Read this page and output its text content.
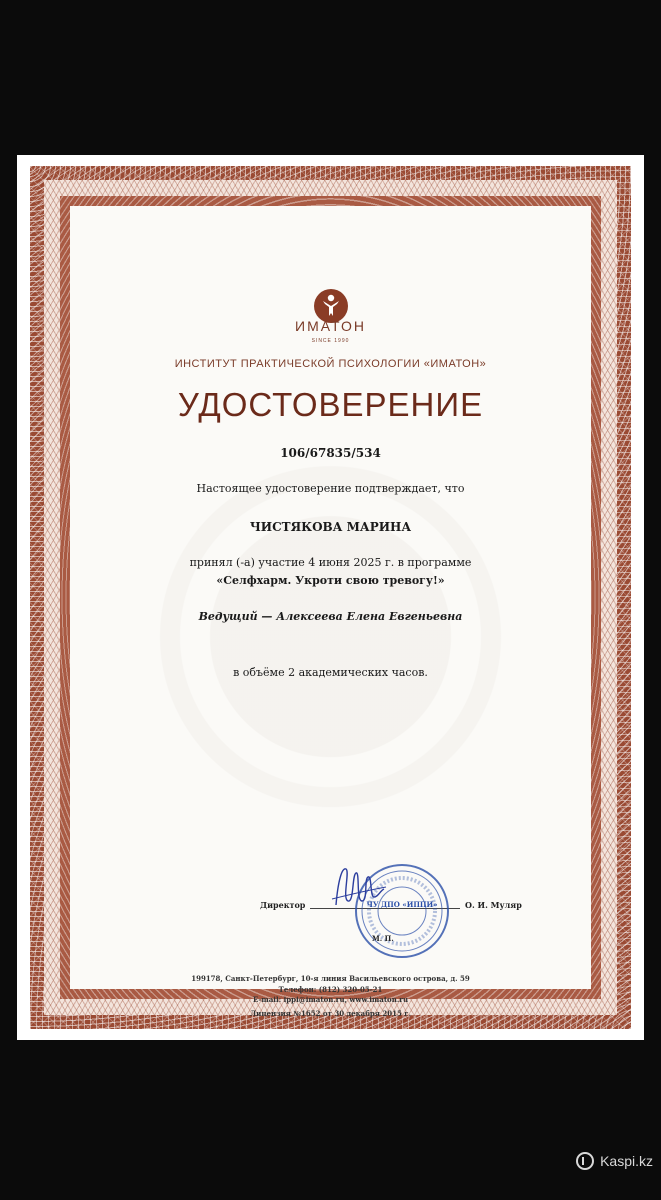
ИМАТОН
SINCE 1990
ИНСТИТУТ ПРАКТИЧЕСКОЙ ПСИХОЛОГИИ «ИМАТОН»
УДОСТОВЕРЕНИЕ
106/67835/534
Настоящее удостоверение подтверждает, что
ЧИСТЯКОВА МАРИНА
принял (-а) участие 4 июня 2025 г. в программе
«Селфхарм. Укроти свою тревогу!»
Ведущий — Алексеева Елена Евгеньевна
в объёме 2 академических часов.
Директор	О. И. Муляр
ЧУ ДПО «ИППИ»
М. П.
199178, Санкт-Петербург, 10-я линия Васильевского острова, д. 59
Телефон: (812) 320-05-21
E-mail: ippi@imaton.ru, www.imaton.ru
Лицензия №1652 от 30 декабря 2015 г.
Kaspi.kz
